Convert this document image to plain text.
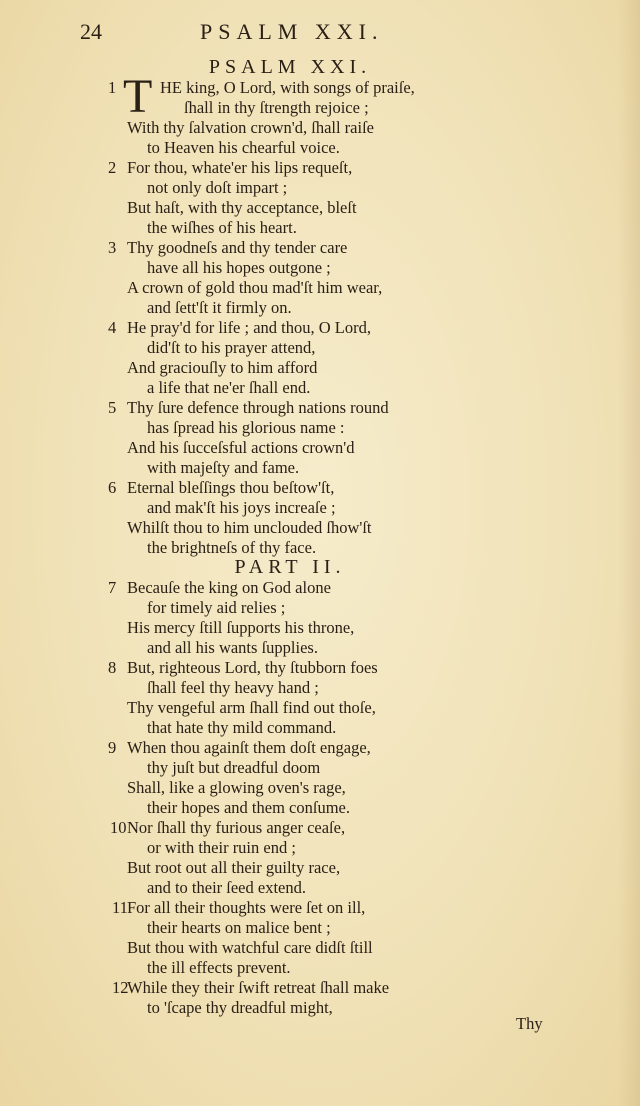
24	PSALM XXI.
PSALM XXI.
T
PART II.
Thy
HE king, O Lord, with songs of praiſe,
ſhall in thy ſtrength rejoice ;
With thy ſalvation crown'd, ſhall raiſe
to Heaven his chearful voice.
For thou, whate'er his lips requeſt,
not only doſt impart ;
But haſt, with thy acceptance, bleſt
the wiſhes of his heart.
Thy goodneſs and thy tender care
have all his hopes outgone ;
A crown of gold thou mad'ſt him wear,
and ſett'ſt it firmly on.
He pray'd for life ; and thou, O Lord,
did'ſt to his prayer attend,
And graciouſly to him afford
a life that ne'er ſhall end.
Thy ſure defence through nations round
has ſpread his glorious name :
And his ſucceſsful actions crown'd
with majeſty and fame.
Eternal bleſſings thou beſtow'ſt,
and mak'ſt his joys increaſe ;
Whilſt thou to him unclouded ſhow'ſt
the brightneſs of thy face.
Becauſe the king on God alone
for timely aid relies ;
His mercy ſtill ſupports his throne,
and all his wants ſupplies.
But, righteous Lord, thy ſtubborn foes
ſhall feel thy heavy hand ;
Thy vengeful arm ſhall find out thoſe,
that hate thy mild command.
When thou againſt them doſt engage,
thy juſt but dreadful doom
Shall, like a glowing oven's rage,
their hopes and them conſume.
Nor ſhall thy furious anger ceaſe,
or with their ruin end ;
But root out all their guilty race,
and to their ſeed extend.
For all their thoughts were ſet on ill,
their hearts on malice bent ;
But thou with watchful care didſt ſtill
the ill effects prevent.
While they their ſwift retreat ſhall make
to 'ſcape thy dreadful might,
1
2
3
4
5
6
7
8
9
10
11
12
